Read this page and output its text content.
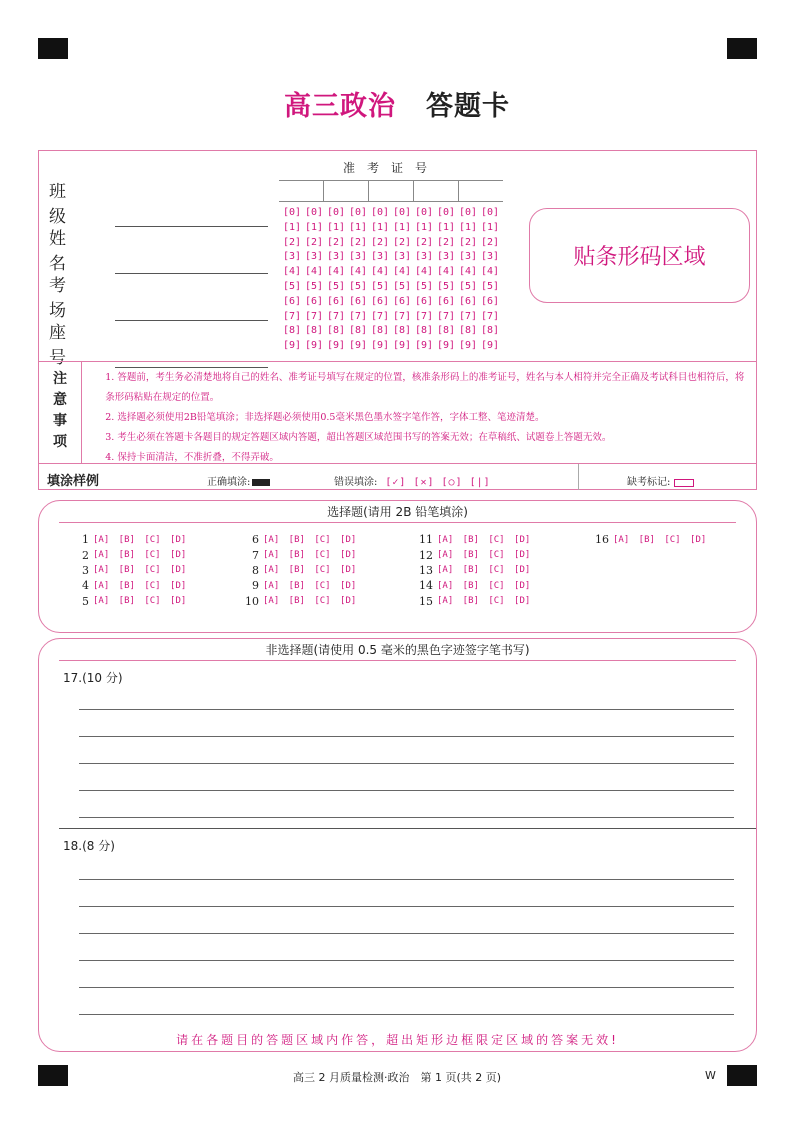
高三政治 答题卡
班 级
姓 名
考 场
座 号
准考证号
[0] [0] [0] [0] [0] [0] [0] [0] [0] [0]
[1] [1] [1] [1] [1] [1] [1] [1] [1] [1]
[2] [2] [2] [2] [2] [2] [2] [2] [2] [2]
[3] [3] [3] [3] [3] [3] [3] [3] [3] [3]
[4] [4] [4] [4] [4] [4] [4] [4] [4] [4]
[5] [5] [5] [5] [5] [5] [5] [5] [5] [5]
[6] [6] [6] [6] [6] [6] [6] [6] [6] [6]
[7] [7] [7] [7] [7] [7] [7] [7] [7] [7]
[8] [8] [8] [8] [8] [8] [8] [8] [8] [8]
[9] [9] [9] [9] [9] [9] [9] [9] [9] [9]
贴条形码区域
注意事项
1. 答题前，考生务必清楚地将自己的姓名、准考证号填写在规定的位置，核准条形码上的准考证号，姓名与本人相符并完全正确及考试科目也相符后，将条形码粘贴在规定的位置。
2. 选择题必须使用2B铅笔填涂；非选择题必须使用0.5毫米黑色墨水签字笔作答，字体工整、笔迹清楚。
3. 考生必须在答题卡各题目的规定答题区域内答题，超出答题区域范围书写的答案无效；在草稿纸、试题卷上答题无效。
4. 保持卡面清洁，不准折叠，不得弄破。
填涂样例	正确填涂:	错误填涂: [✓] [✕] [○] [|]	缺考标记:
选择题(请用 2B 铅笔填涂)
1 [A] [B] [C] [D]
2 [A] [B] [C] [D]
3 [A] [B] [C] [D]
4 [A] [B] [C] [D]
5 [A] [B] [C] [D]
6 [A] [B] [C] [D]
7 [A] [B] [C] [D]
8 [A] [B] [C] [D]
9 [A] [B] [C] [D]
10 [A] [B] [C] [D]
11 [A] [B] [C] [D]
12 [A] [B] [C] [D]
13 [A] [B] [C] [D]
14 [A] [B] [C] [D]
15 [A] [B] [C] [D]
16 [A] [B] [C] [D]
非选择题(请使用 0.5 毫米的黑色字迹签字笔书写)
17.(10 分)
18.(8 分)
请在各题目的答题区域内作答，超出矩形边框限定区域的答案无效!
高三 2 月质量检测·政治　第 1 页(共 2 页)	W
